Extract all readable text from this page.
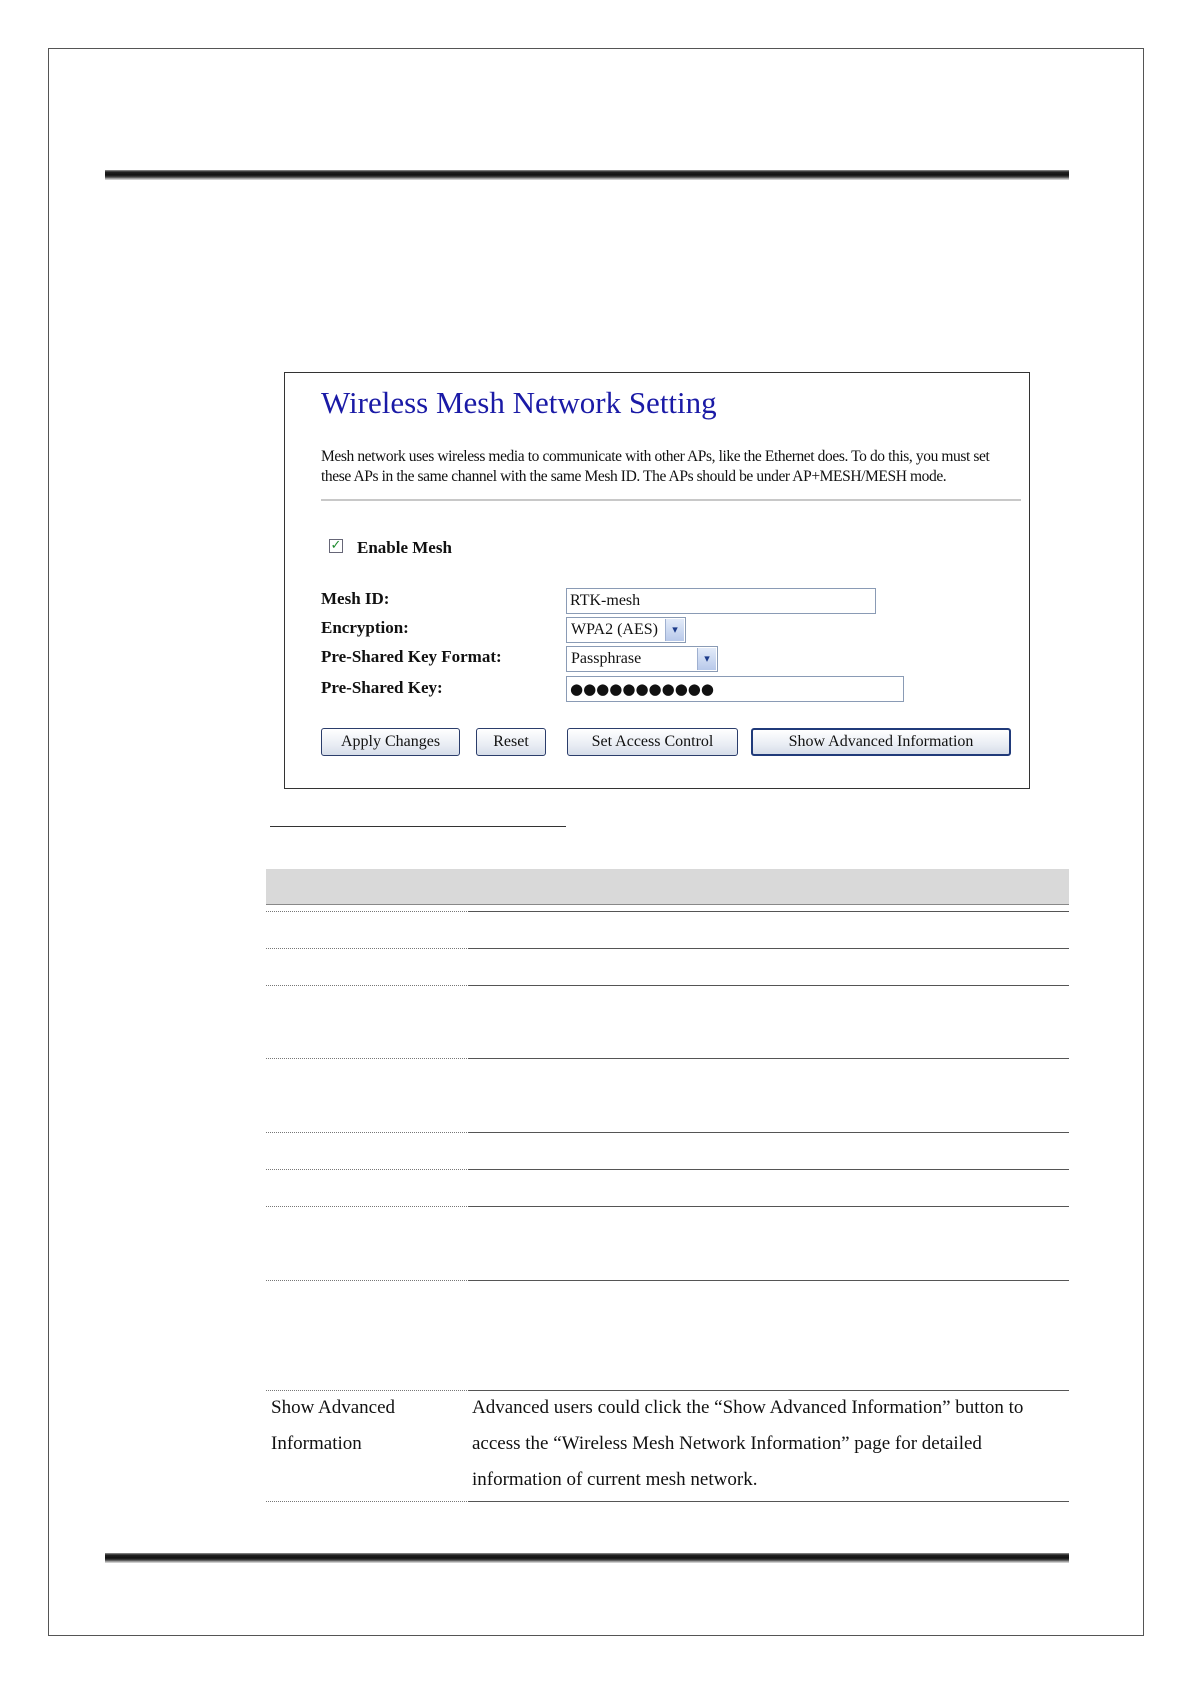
Wireless Mesh Network Setting
Mesh network uses wireless media to communicate with other APs, like the Ethernet does. To do this, you must set these APs in the same channel with the same Mesh ID. The APs should be under AP+MESH/MESH mode.
✓ Enable Mesh
Mesh ID:	RTK-mesh
Encryption:	WPA2 (AES)	▾
Pre-Shared Key Format:	Passphrase	▾
Pre-Shared Key:	●●●●●●●●●●●
Apply Changes	Reset	Set Access Control	Show Advanced Information
Show Advanced Information
Advanced users could click the “Show Advanced Information” button to access the “Wireless Mesh Network Information” page for detailed information of current mesh network.
